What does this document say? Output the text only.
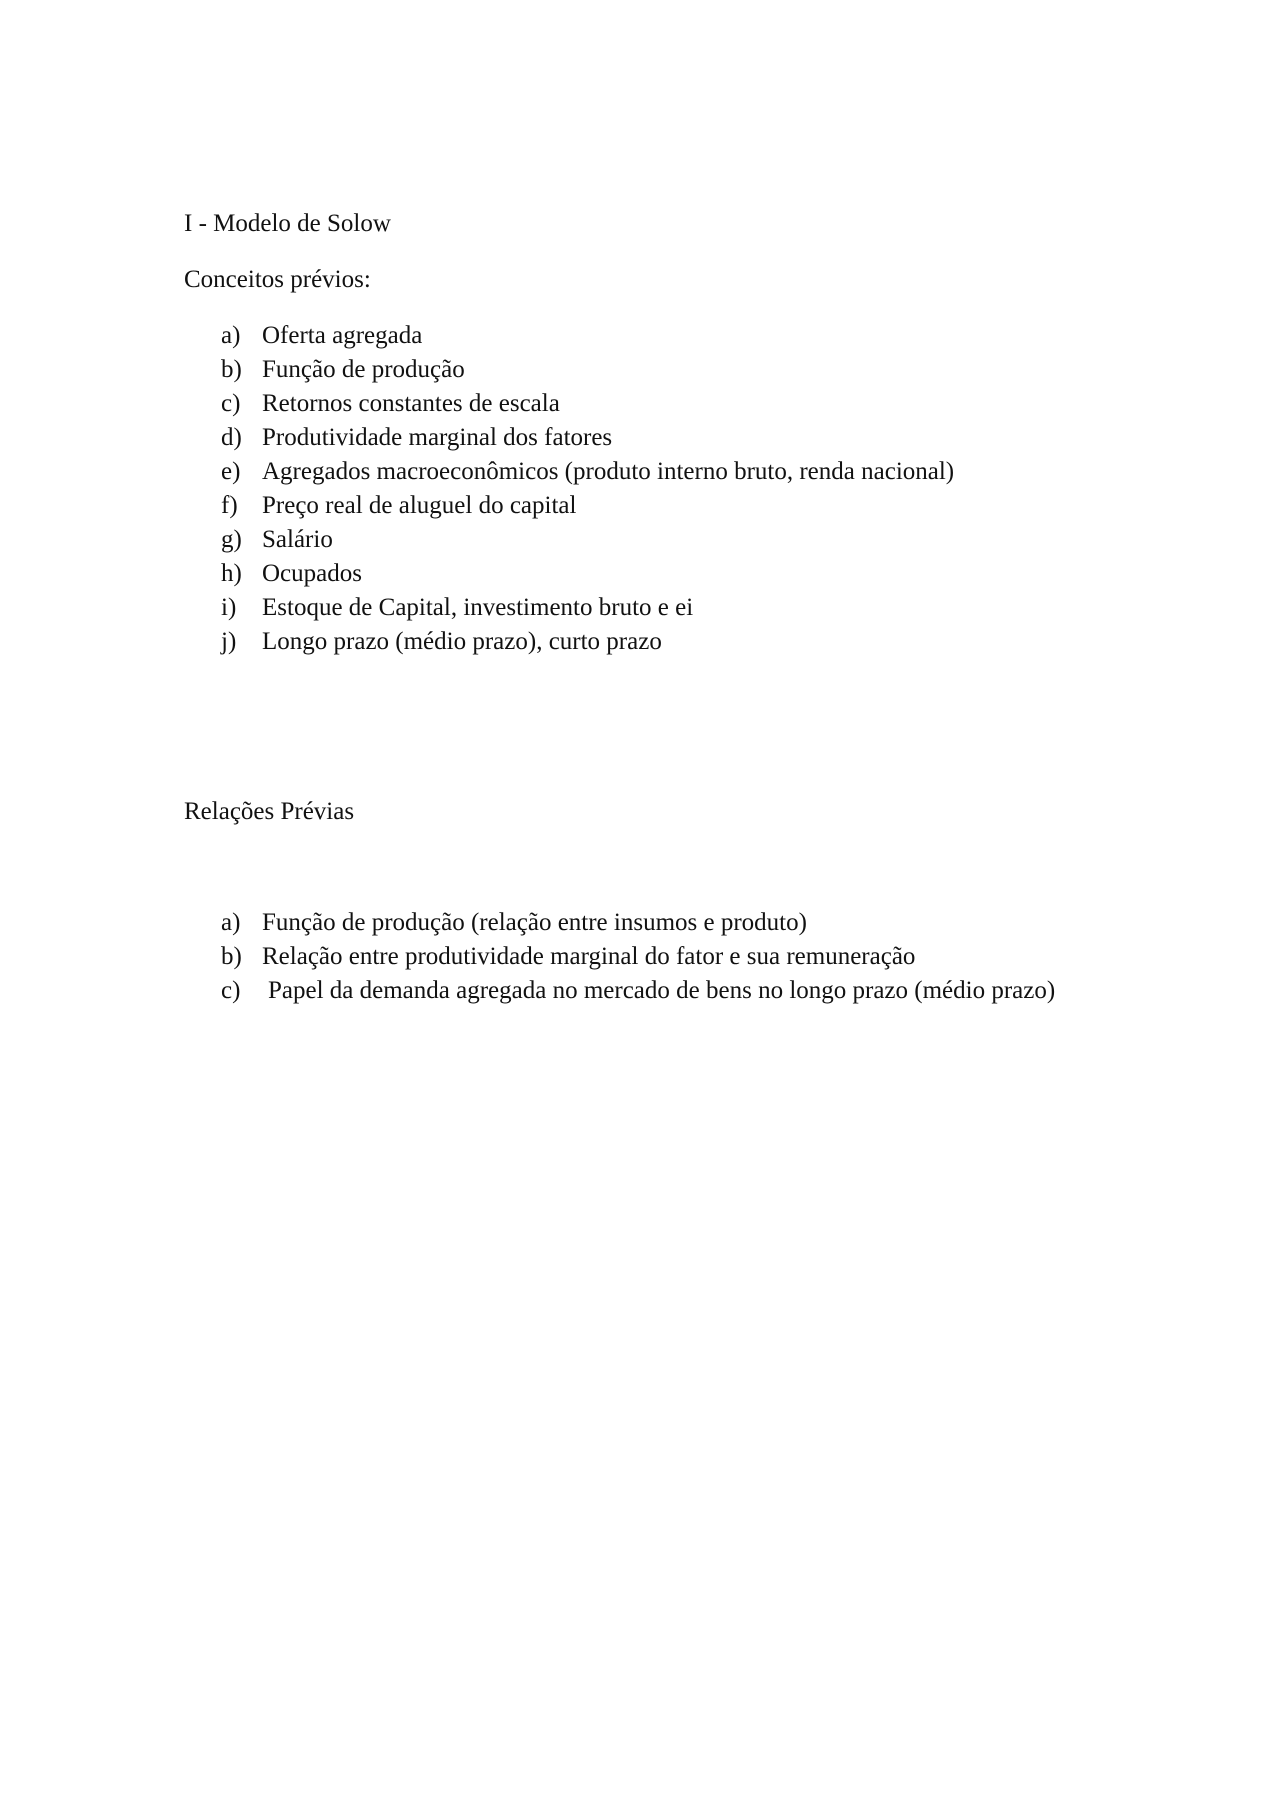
I - Modelo de Solow

Conceitos prévios:

a) Oferta agregada
b) Função de produção
c) Retornos constantes de escala
d) Produtividade marginal dos fatores
e) Agregados macroeconômicos (produto interno bruto, renda nacional)
f) Preço real de aluguel do capital
g) Salário
h) Ocupados
i) Estoque de Capital, investimento bruto e ei
j) Longo prazo (médio prazo), curto prazo

Relações Prévias

a) Função de produção (relação entre insumos e produto)
b) Relação entre produtividade marginal do fator e sua remuneração
c) Papel da demanda agregada no mercado de bens no longo prazo (médio prazo)
